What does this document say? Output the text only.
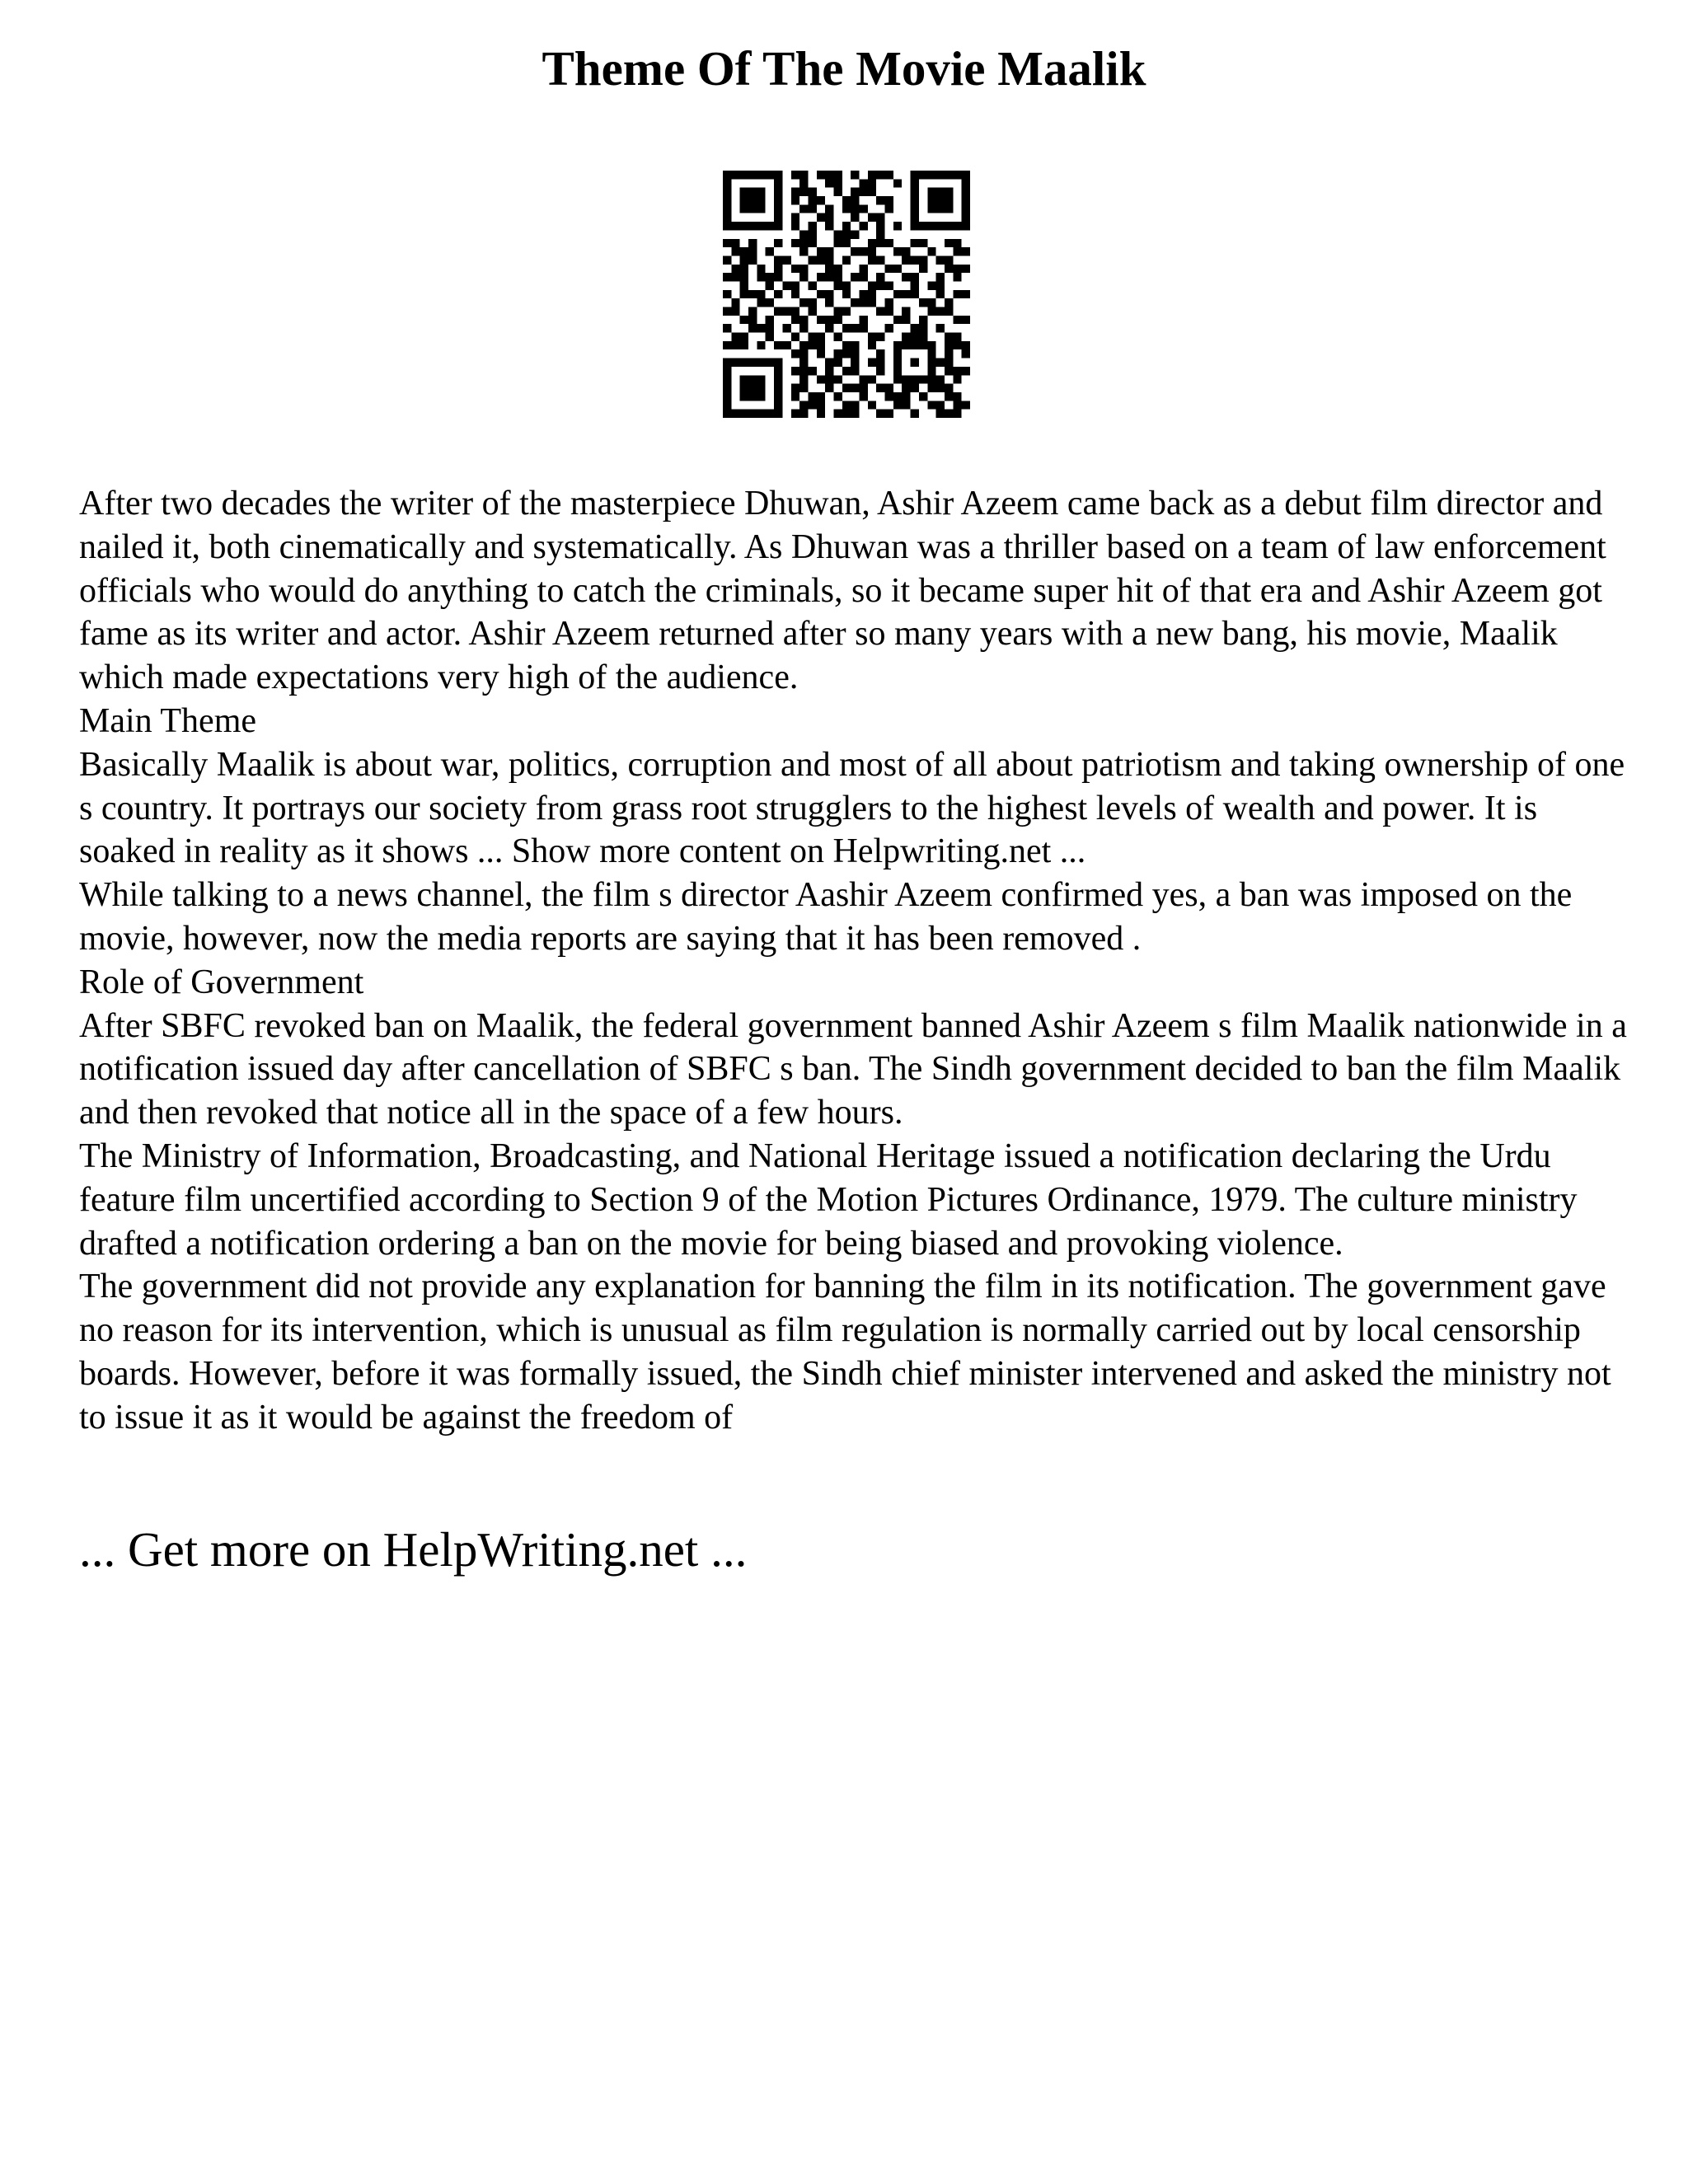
Theme Of The Movie Maalik

After two decades the writer of the masterpiece Dhuwan, Ashir Azeem came back as a debut film director and nailed it, both cinematically and systematically. As Dhuwan was a thriller based on a team of law enforcement officials who would do anything to catch the criminals, so it became super hit of that era and Ashir Azeem got fame as its writer and actor. Ashir Azeem returned after so many years with a new bang, his movie, Maalik which made expectations very high of the audience.

Main Theme

Basically Maalik is about war, politics, corruption and most of all about patriotism and taking ownership of one s country. It portrays our society from grass root strugglers to the highest levels of wealth and power. It is soaked in reality as it shows ... Show more content on Helpwriting.net ...

While talking to a news channel, the film s director Aashir Azeem confirmed yes, a ban was imposed on the movie, however, now the media reports are saying that it has been removed .

Role of Government

After SBFC revoked ban on Maalik, the federal government banned Ashir Azeem s film Maalik nationwide in a notification issued day after cancellation of SBFC s ban. The Sindh government decided to ban the film Maalik and then revoked that notice all in the space of a few hours.

The Ministry of Information, Broadcasting, and National Heritage issued a notification declaring the Urdu feature film uncertified according to Section 9 of the Motion Pictures Ordinance, 1979. The culture ministry drafted a notification ordering a ban on the movie for being biased and provoking violence.

The government did not provide any explanation for banning the film in its notification. The government gave no reason for its intervention, which is unusual as film regulation is normally carried out by local censorship boards. However, before it was formally issued, the Sindh chief minister intervened and asked the ministry not to issue it as it would be against the freedom of

... Get more on HelpWriting.net ...
